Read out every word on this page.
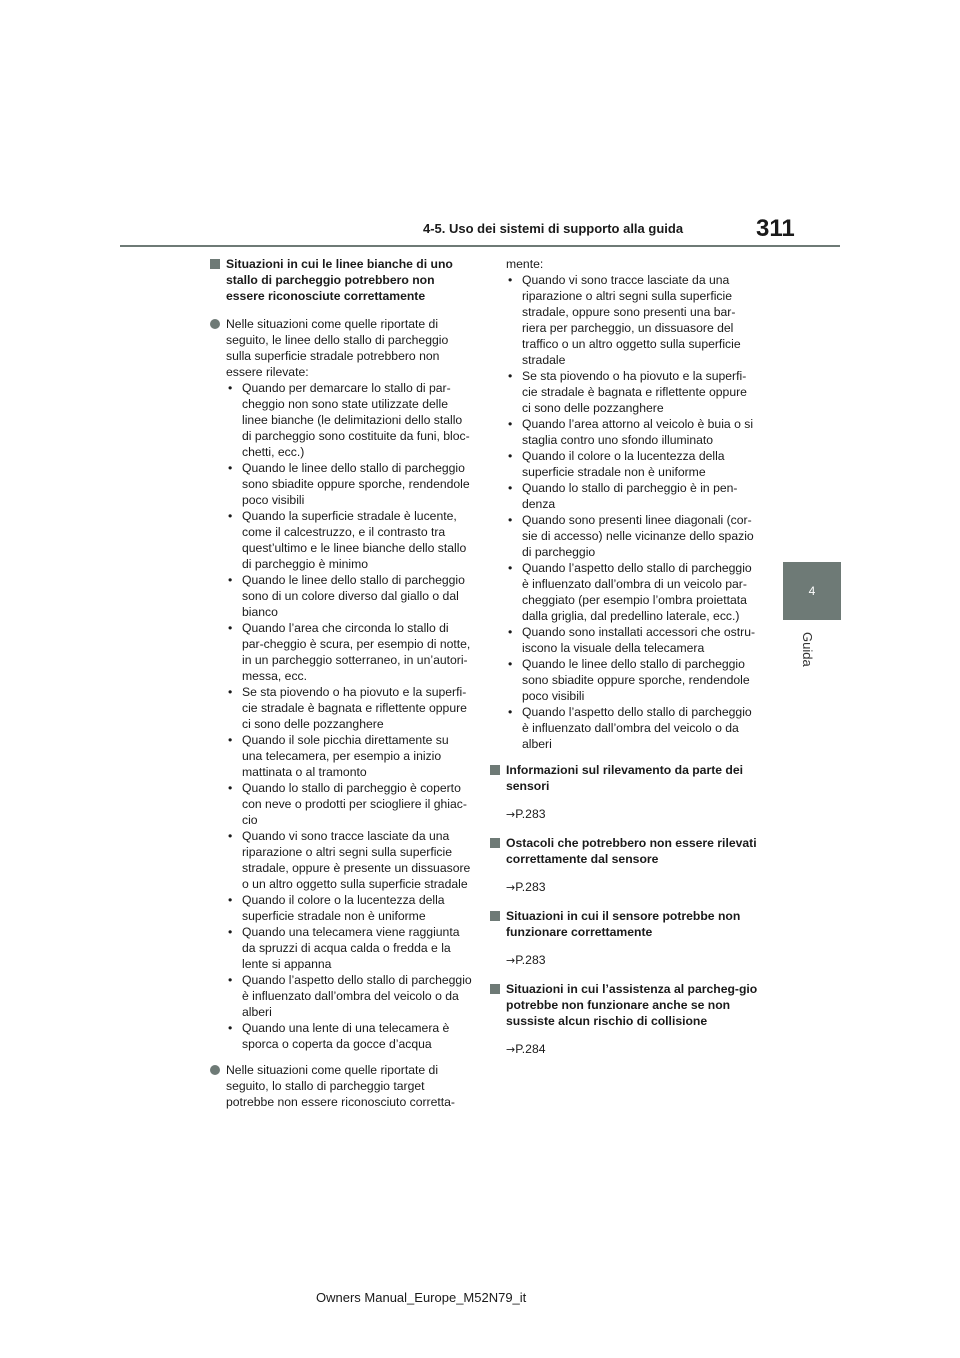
311
4-5. Uso dei sistemi di supporto alla guida
4
Guida
Situazioni in cui le linee bianche di uno stallo di parcheggio potrebbero non essere riconosciute correttamente

Nelle situazioni come quelle riportate di seguito, le linee dello stallo di parcheggio sulla superficie stradale potrebbero non essere rilevate:

• Quando per demarcare lo stallo di par-cheggio non sono state utilizzate delle linee bianche (le delimitazioni dello stallo di parcheggio sono costituite da funi, bloc-chetti, ecc.)
• Quando le linee dello stallo di parcheggio sono sbiadite oppure sporche, rendendole poco visibili
• Quando la superficie stradale è lucente, come il calcestruzzo, e il contrasto tra quest’ultimo e le linee bianche dello stallo di parcheggio è minimo
• Quando le linee dello stallo di parcheggio sono di un colore diverso dal giallo o dal bianco
• Quando l’area che circonda lo stallo di par-cheggio è scura, per esempio di notte, in un parcheggio sotterraneo, in un’autori-messa, ecc.
• Se sta piovendo o ha piovuto e la superfi-cie stradale è bagnata e riflettente oppure ci sono delle pozzanghere
• Quando il sole picchia direttamente su una telecamera, per esempio a inizio mattinata o al tramonto
• Quando lo stallo di parcheggio è coperto con neve o prodotti per sciogliere il ghiac-cio
• Quando vi sono tracce lasciate da una riparazione o altri segni sulla superficie stradale, oppure è presente un dissuasore o un altro oggetto sulla superficie stradale
• Quando il colore o la lucentezza della superficie stradale non è uniforme
• Quando una telecamera viene raggiunta da spruzzi di acqua calda o fredda e la lente si appanna
• Quando l’aspetto dello stallo di parcheggio è influenzato dall’ombra del veicolo o da alberi
• Quando una lente di una telecamera è sporca o coperta da gocce d’acqua

Nelle situazioni come quelle riportate di seguito, lo stallo di parcheggio target potrebbe non essere riconosciuto corretta-

mente:

• Quando vi sono tracce lasciate da una riparazione o altri segni sulla superficie stradale, oppure sono presenti una bar-riera per parcheggio, un dissuasore del traffico o un altro oggetto sulla superficie stradale
• Se sta piovendo o ha piovuto e la superfi-cie stradale è bagnata e riflettente oppure ci sono delle pozzanghere
• Quando l’area attorno al veicolo è buia o si staglia contro uno sfondo illuminato
• Quando il colore o la lucentezza della superficie stradale non è uniforme
• Quando lo stallo di parcheggio è in pen-denza
• Quando sono presenti linee diagonali (cor-sie di accesso) nelle vicinanze dello spazio di parcheggio
• Quando l’aspetto dello stallo di parcheggio è influenzato dall’ombra di un veicolo par-cheggiato (per esempio l’ombra proiettata dalla griglia, dal predellino laterale, ecc.)
• Quando sono installati accessori che ostru-iscono la visuale della telecamera
• Quando le linee dello stallo di parcheggio sono sbiadite oppure sporche, rendendole poco visibili
• Quando l’aspetto dello stallo di parcheggio è influenzato dall’ombra del veicolo o da alberi
Informazioni sul rilevamento da parte dei sensori
→P.283
Ostacoli che potrebbero non essere rilevati correttamente dal sensore
→P.283
Situazioni in cui il sensore potrebbe non funzionare correttamente
→P.283
Situazioni in cui l’assistenza al parcheg-gio potrebbe non funzionare anche se non sussiste alcun rischio di collisione
→P.284
Owners Manual_Europe_M52N79_it
